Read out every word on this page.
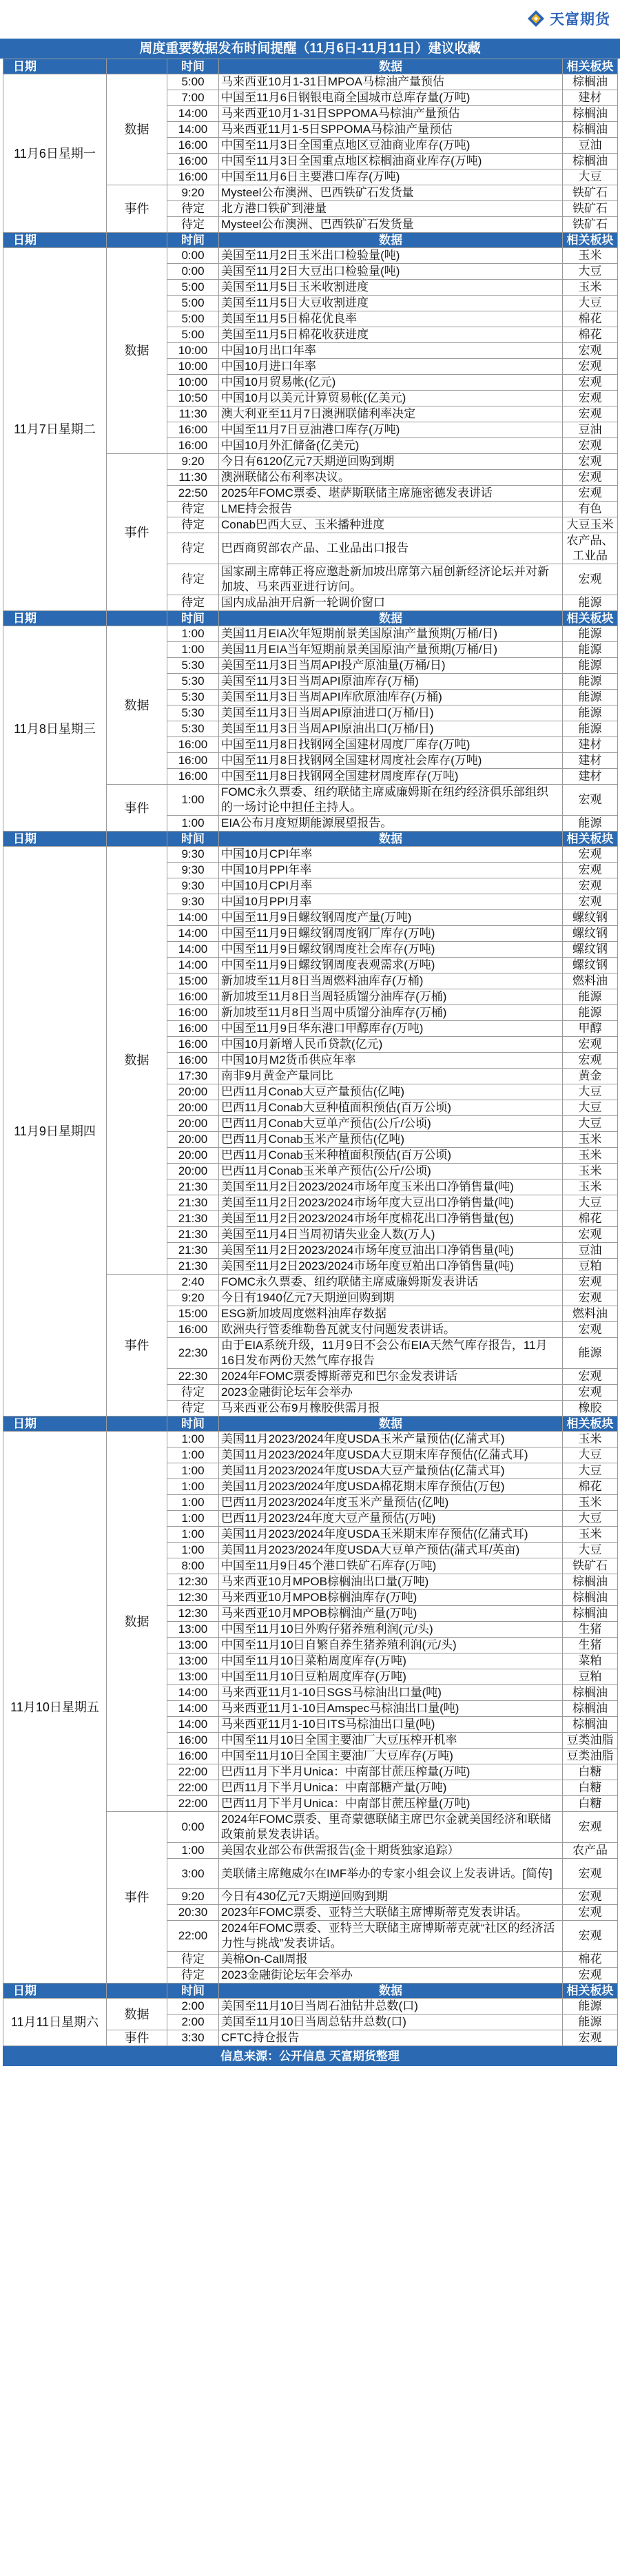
天富期货
周度重要数据发布时间提醒（11月6日-11月11日）建议收藏
日期		时间	数据	相关板块
11月6日星期一	数据	5:00	马来西亚10月1-31日MPOA马棕油产量预估	棕榈油
		7:00	中国至11月6日钢银电商全国城市总库存量(万吨)	建材
		14:00	马来西亚10月1-31日SPPOMA马棕油产量预估	棕榈油
		14:00	马来西亚11月1-5日SPPOMA马棕油产量预估	棕榈油
		16:00	中国至11月3日全国重点地区豆油商业库存(万吨)	豆油
		16:00	中国至11月3日全国重点地区棕榈油商业库存(万吨)	棕榈油
		16:00	中国至11月6日主要港口库存(万吨)	大豆
	事件	9:20	Mysteel公布澳洲、巴西铁矿石发货量	铁矿石
		待定	北方港口铁矿到港量	铁矿石
		待定	Mysteel公布澳洲、巴西铁矿石发货量	铁矿石
日期		时间	数据	相关板块
11月7日星期二	数据	0:00	美国至11月2日玉米出口检验量(吨)	玉米
		0:00	美国至11月2日大豆出口检验量(吨)	大豆
		5:00	美国至11月5日玉米收割进度	玉米
		5:00	美国至11月5日大豆收割进度	大豆
		5:00	美国至11月5日棉花优良率	棉花
		5:00	美国至11月5日棉花收获进度	棉花
		10:00	中国10月出口年率	宏观
		10:00	中国10月进口年率	宏观
		10:00	中国10月贸易帐(亿元)	宏观
		10:50	中国10月以美元计算贸易帐(亿美元)	宏观
		11:30	澳大利亚至11月7日澳洲联储利率决定	宏观
		16:00	中国至11月7日豆油港口库存(万吨)	豆油
		16:00	中国10月外汇储备(亿美元)	宏观
	事件	9:20	今日有6120亿元7天期逆回购到期	宏观
		11:30	澳洲联储公布利率决议。	宏观
		22:50	2025年FOMC票委、堪萨斯联储主席施密德发表讲话	宏观
		待定	LME持会报告	有色
		待定	Conab巴西大豆、玉米播种进度	大豆玉米
		待定	巴西商贸部农产品、工业品出口报告	农产品、工业品
		待定	国家副主席韩正将应邀赴新加坡出席第六届创新经济论坛并对新加坡、马来西亚进行访问。	宏观
		待定	国内成品油开启新一轮调价窗口	能源
日期		时间	数据	相关板块
11月8日星期三	数据	1:00	美国11月EIA次年短期前景美国原油产量预期(万桶/日)	能源
		1:00	美国11月EIA当年短期前景美国原油产量预期(万桶/日)	能源
		5:30	美国至11月3日当周API投产原油量(万桶/日)	能源
		5:30	美国至11月3日当周API原油库存(万桶)	能源
		5:30	美国至11月3日当周API库欣原油库存(万桶)	能源
		5:30	美国至11月3日当周API原油进口(万桶/日)	能源
		5:30	美国至11月3日当周API原油出口(万桶/日)	能源
		16:00	中国至11月8日找钢网全国建材周度厂库存(万吨)	建材
		16:00	中国至11月8日找钢网全国建材周度社会库存(万吨)	建材
		16:00	中国至11月8日找钢网全国建材周度库存(万吨)	建材
	事件	1:00	FOMC永久票委、纽约联储主席威廉姆斯在纽约经济俱乐部组织的一场讨论中担任主持人。	宏观
		1:00	EIA公布月度短期能源展望报告。	能源
日期		时间	数据	相关板块
11月9日星期四	数据	9:30	中国10月CPI年率	宏观
		9:30	中国10月PPI年率	宏观
		9:30	中国10月CPI月率	宏观
		9:30	中国10月PPI月率	宏观
		14:00	中国至11月9日螺纹钢周度产量(万吨)	螺纹钢
		14:00	中国至11月9日螺纹钢周度钢厂库存(万吨)	螺纹钢
		14:00	中国至11月9日螺纹钢周度社会库存(万吨)	螺纹钢
		14:00	中国至11月9日螺纹钢周度表观需求(万吨)	螺纹钢
		15:00	新加坡至11月8日当周燃料油库存(万桶)	燃料油
		16:00	新加坡至11月8日当周轻质馏分油库存(万桶)	能源
		16:00	新加坡至11月8日当周中质馏分油库存(万桶)	能源
		16:00	中国至11月9日华东港口甲醇库存(万吨)	甲醇
		16:00	中国10月新增人民币贷款(亿元)	宏观
		16:00	中国10月M2货币供应年率	宏观
		17:30	南非9月黄金产量同比	黄金
		20:00	巴西11月Conab大豆产量预估(亿吨)	大豆
		20:00	巴西11月Conab大豆种植面积预估(百万公顷)	大豆
		20:00	巴西11月Conab大豆单产预估(公斤/公顷)	大豆
		20:00	巴西11月Conab玉米产量预估(亿吨)	玉米
		20:00	巴西11月Conab玉米种植面积预估(百万公顷)	玉米
		20:00	巴西11月Conab玉米单产预估(公斤/公顷)	玉米
		21:30	美国至11月2日2023/2024市场年度玉米出口净销售量(吨)	玉米
		21:30	美国至11月2日2023/2024市场年度大豆出口净销售量(吨)	大豆
		21:30	美国至11月2日2023/2024市场年度棉花出口净销售量(包)	棉花
		21:30	美国至11月4日当周初请失业金人数(万人)	宏观
		21:30	美国至11月2日2023/2024市场年度豆油出口净销售量(吨)	豆油
		21:30	美国至11月2日2023/2024市场年度豆粕出口净销售量(吨)	豆粕
	事件	2:40	FOMC永久票委、纽约联储主席威廉姆斯发表讲话	宏观
		9:20	今日有1940亿元7天期逆回购到期	宏观
		15:00	ESG新加坡周度燃料油库存数据	燃料油
		16:00	欧洲央行管委维勒鲁瓦就支付问题发表讲话。	宏观
		22:30	由于EIA系统升级，11月9日不会公布EIA天然气库存报告，11月16日发布两份天然气库存报告	能源
		22:30	2024年FOMC票委博斯蒂克和巴尔金发表讲话	宏观
		待定	2023金融街论坛年会举办	宏观
		待定	马来西亚公布9月橡胶供需月报	橡胶
日期		时间	数据	相关板块
11月10日星期五	数据	1:00	美国11月2023/2024年度USDA玉米产量预估(亿蒲式耳)	玉米
		1:00	美国11月2023/2024年度USDA大豆期末库存预估(亿蒲式耳)	大豆
		1:00	美国11月2023/2024年度USDA大豆产量预估(亿蒲式耳)	大豆
		1:00	美国11月2023/2024年度USDA棉花期末库存预估(万包)	棉花
		1:00	巴西11月2023/2024年度玉米产量预估(亿吨)	玉米
		1:00	巴西11月2023/24年度大豆产量预估(万吨)	大豆
		1:00	美国11月2023/2024年度USDA玉米期末库存预估(亿蒲式耳)	玉米
		1:00	美国11月2023/2024年度USDA大豆单产预估(蒲式耳/英亩)	大豆
		8:00	中国至11月9日45个港口铁矿石库存(万吨)	铁矿石
		12:30	马来西亚10月MPOB棕榈油出口量(万吨)	棕榈油
		12:30	马来西亚10月MPOB棕榈油库存(万吨)	棕榈油
		12:30	马来西亚10月MPOB棕榈油产量(万吨)	棕榈油
		13:00	中国至11月10日外购仔猪养殖利润(元/头)	生猪
		13:00	中国至11月10日自繁自养生猪养殖利润(元/头)	生猪
		13:00	中国至11月10日菜粕周度库存(万吨)	菜粕
		13:00	中国至11月10日豆粕周度库存(万吨)	豆粕
		14:00	马来西亚11月1-10日SGS马棕油出口量(吨)	棕榈油
		14:00	马来西亚11月1-10日Amspec马棕油出口量(吨)	棕榈油
		14:00	马来西亚11月1-10日ITS马棕油出口量(吨)	棕榈油
		16:00	中国至11月10日全国主要油厂大豆压榨开机率	豆类油脂
		16:00	中国至11月10日全国主要油厂大豆库存(万吨)	豆类油脂
		22:00	巴西11月下半月Unica：中南部甘蔗压榨量(万吨)	白糖
		22:00	巴西11月下半月Unica：中南部糖产量(万吨)	白糖
		22:00	巴西11月下半月Unica：中南部甘蔗压榨量(万吨)	白糖
	事件	0:00	2024年FOMC票委、里奇蒙德联储主席巴尔金就美国经济和联储政策前景发表讲话。	宏观
		1:00	美国农业部公布供需报告(金十期货独家追踪）	农产品
		3:00	美联储主席鲍威尔在IMF举办的专家小组会议上发表讲话。[简传]	宏观
		9:20	今日有430亿元7天期逆回购到期	宏观
		20:30	2023年FOMC票委、亚特兰大联储主席博斯蒂克发表讲话。	宏观
		22:00	2024年FOMC票委、亚特兰大联储主席博斯蒂克就“社区的经济活力性与挑战”发表讲话。	宏观
		待定	美棉On-Call周报	棉花
		待定	2023金融街论坛年会举办	宏观
日期		时间	数据	相关板块
11月11日星期六	数据	2:00	美国至11月10日当周石油钻井总数(口)	能源
		2:00	美国至11月10日当周总钻井总数(口)	能源
	事件	3:30	CFTC持仓报告	宏观
信息来源：公开信息 天富期货整理
